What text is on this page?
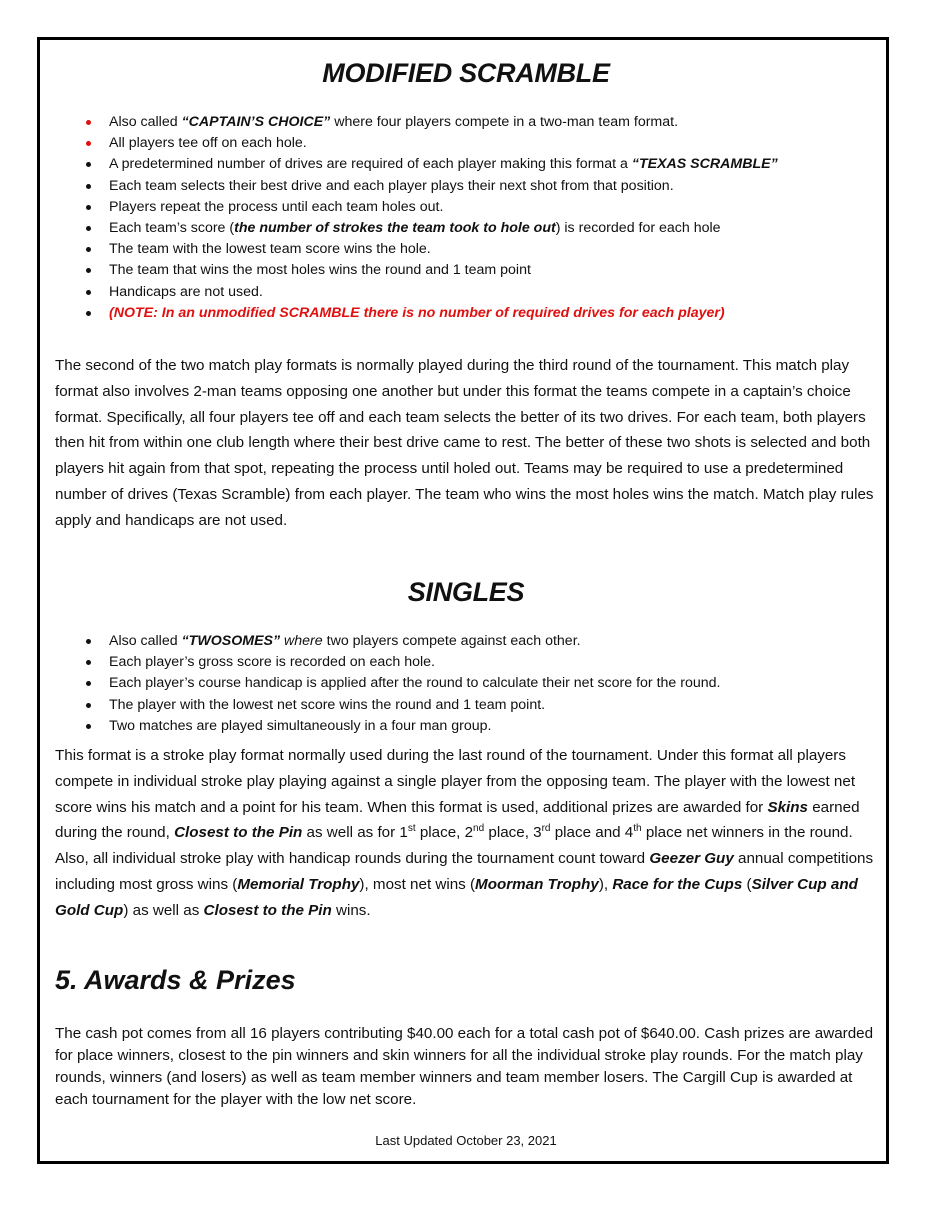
MODIFIED SCRAMBLE
Also called “CAPTAIN’S CHOICE” where four players compete in a two-man team format.
All players tee off on each hole.
A predetermined number of drives are required of each player making this format a “TEXAS SCRAMBLE”
Each team selects their best drive and each player plays their next shot from that position.
Players repeat the process until each team holes out.
Each team’s score (the number of strokes the team took to hole out) is recorded for each hole
The team with the lowest team score wins the hole.
The team that wins the most holes wins the round and 1 team point
Handicaps are not used.
(NOTE: In an unmodified SCRAMBLE there is no number of required drives for each player)

The second of the two match play formats is normally played during the third round of the tournament. This match play format also involves 2-man teams opposing one another but under this format the teams compete in a captain’s choice format. Specifically, all four players tee off and each team selects the better of its two drives. For each team, both players then hit from within one club length where their best drive came to rest. The better of these two shots is selected and both players hit again from that spot, repeating the process until holed out. Teams may be required to use a predetermined number of drives (Texas Scramble) from each player. The team who wins the most holes wins the match. Match play rules apply and handicaps are not used.

SINGLES
Also called “TWOSOMES” where two players compete against each other.
Each player’s gross score is recorded on each hole.
Each player’s course handicap is applied after the round to calculate their net score for the round.
The player with the lowest net score wins the round and 1 team point.
Two matches are played simultaneously in a four man group.

This format is a stroke play format normally used during the last round of the tournament. Under this format all players compete in individual stroke play playing against a single player from the opposing team. The player with the lowest net score wins his match and a point for his team. When this format is used, additional prizes are awarded for Skins earned during the round, Closest to the Pin as well as for 1st place, 2nd place, 3rd place and 4th place net winners in the round. Also, all individual stroke play with handicap rounds during the tournament count toward Geezer Guy annual competitions including most gross wins (Memorial Trophy), most net wins (Moorman Trophy), Race for the Cups (Silver Cup and Gold Cup) as well as Closest to the Pin wins.

5. Awards & Prizes

The cash pot comes from all 16 players contributing $40.00 each for a total cash pot of $640.00. Cash prizes are awarded for place winners, closest to the pin winners and skin winners for all the individual stroke play rounds. For the match play rounds, winners (and losers) as well as team member winners and team member losers. The Cargill Cup is awarded at each tournament for the player with the low net score.

Last Updated October 23, 2021
